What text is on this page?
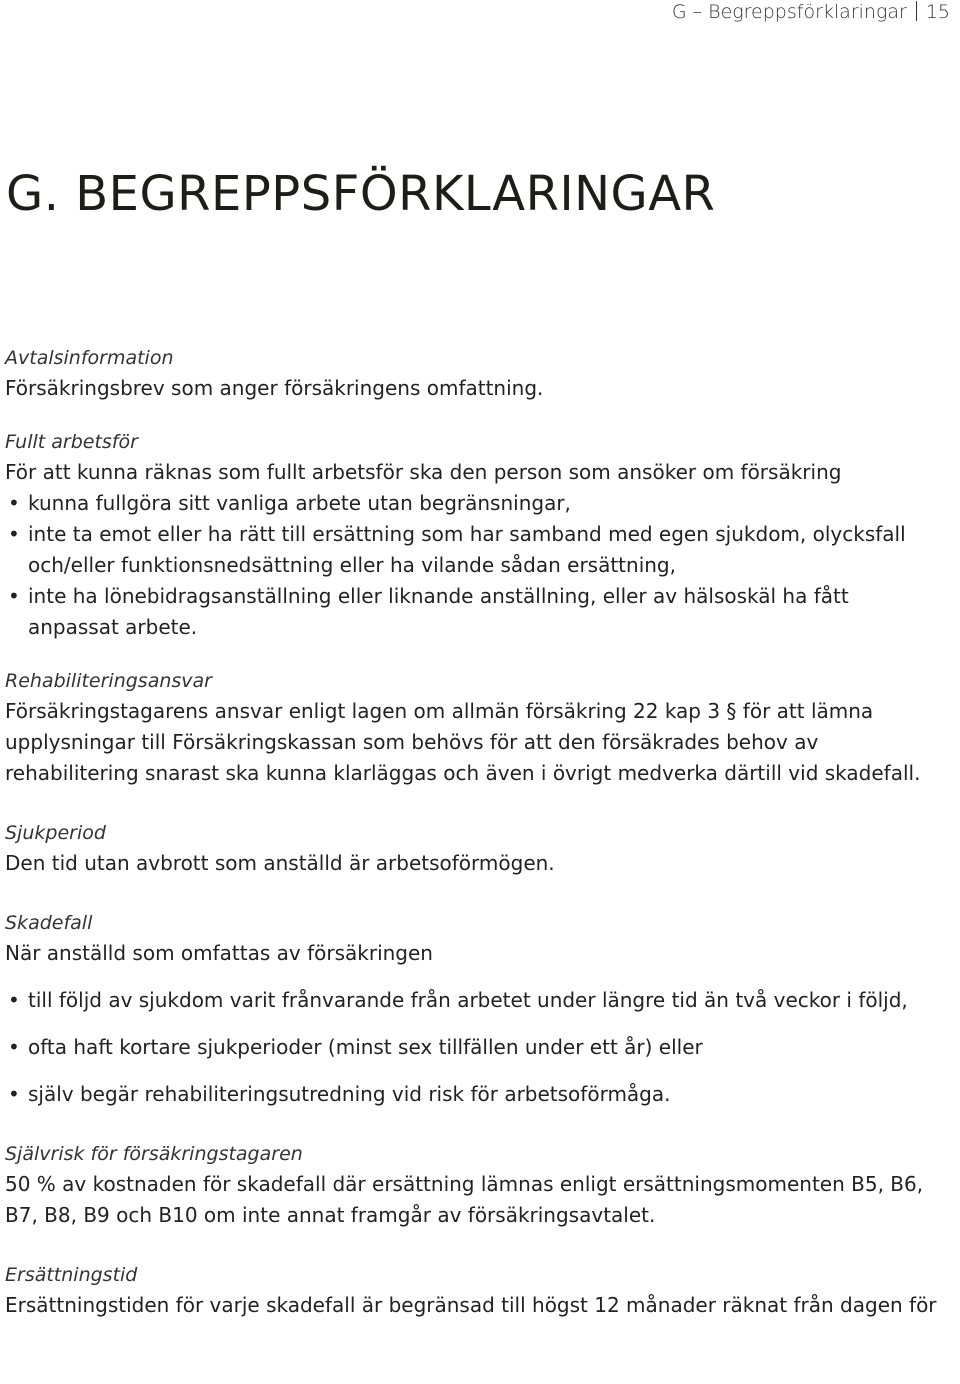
G – Begreppsförklaringar 15
G. BEGREPPSFÖRKLARINGAR
Avtalsinformation
Försäkringsbrev som anger försäkringens omfattning.
Fullt arbetsför
För att kunna räknas som fullt arbetsför ska den person som ansöker om försäkring
• kunna fullgöra sitt vanliga arbete utan begränsningar,
• inte ta emot eller ha rätt till ersättning som har samband med egen sjukdom, olycksfall och/eller funktionsnedsättning eller ha vilande sådan ersättning,
• inte ha lönebidragsanställning eller liknande anställning, eller av hälsoskäl ha fått anpassat arbete.
Rehabiliteringsansvar
Försäkringstagarens ansvar enligt lagen om allmän försäkring 22 kap 3 § för att lämna upplysningar till Försäkringskassan som behövs för att den försäkrades behov av rehabilitering snarast ska kunna klarläggas och även i övrigt medverka därtill vid skadefall.
Sjukperiod
Den tid utan avbrott som anställd är arbetsoförmögen.
Skadefall
När anställd som omfattas av försäkringen
• till följd av sjukdom varit frånvarande från arbetet under längre tid än två veckor i följd,
• ofta haft kortare sjukperioder (minst sex tillfällen under ett år) eller
• själv begär rehabiliteringsutredning vid risk för arbetsoförmåga.
Självrisk för försäkringstagaren
50 % av kostnaden för skadefall där ersättning lämnas enligt ersättningsmomenten B5, B6, B7, B8, B9 och B10 om inte annat framgår av försäkringsavtalet.
Ersättningstid
Ersättningstiden för varje skadefall är begränsad till högst 12 månader räknat från dagen för
